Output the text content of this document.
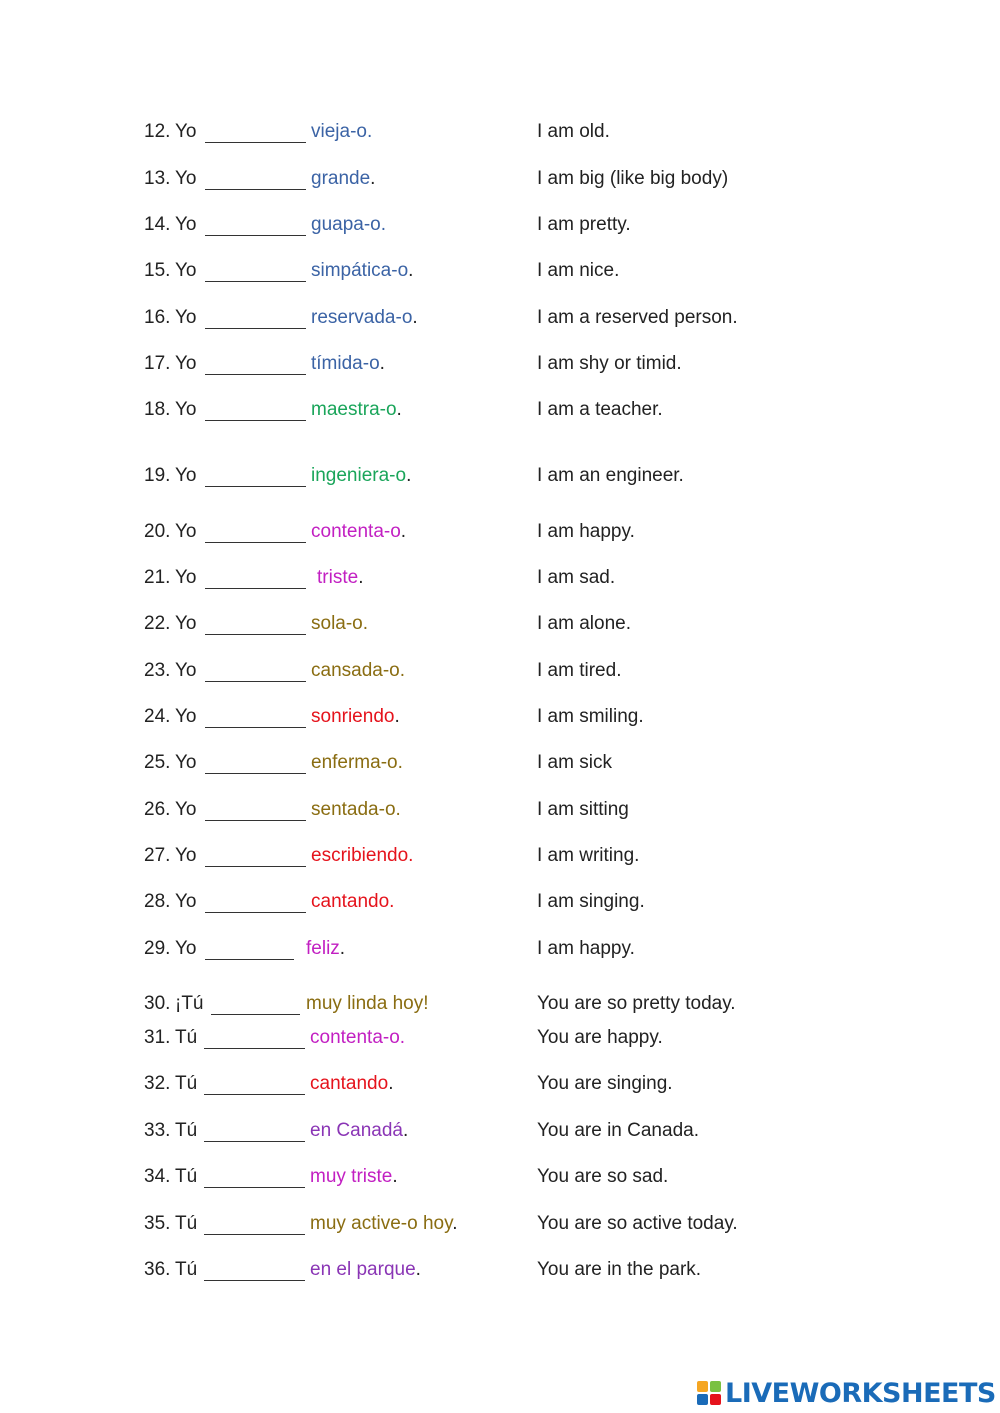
12. Yo	vieja-o.	I am old.
13. Yo	grande.	I am big (like big body)
14. Yo	guapa-o.	I am pretty.
15. Yo	simpática-o.	I am nice.
16. Yo	reservada-o.	I am a reserved person.
17. Yo	tímida-o.	I am shy or timid.
18. Yo	maestra-o.	I am a teacher.
19. Yo	ingeniera-o.	I am an engineer.
20. Yo	contenta-o.	I am happy.
21. Yo	triste.	I am sad.
22. Yo	sola-o.	I am alone.
23. Yo	cansada-o.	I am tired.
24. Yo	sonriendo.	I am smiling.
25. Yo	enferma-o.	I am sick
26. Yo	sentada-o.	I am sitting
27. Yo	escribiendo.	I am writing.
28. Yo	cantando.	I am singing.
29. Yo	feliz.	I am happy.
30. ¡Tú	muy linda hoy!	You are so pretty today.
31. Tú	contenta-o.	You are happy.
32. Tú	cantando.	You are singing.
33. Tú	en Canadá.	You are in Canada.
34. Tú	muy triste.	You are so sad.
35. Tú	muy active-o hoy.	You are so active today.
36. Tú	en el parque.	You are in the park.
LIVEWORKSHEETS
